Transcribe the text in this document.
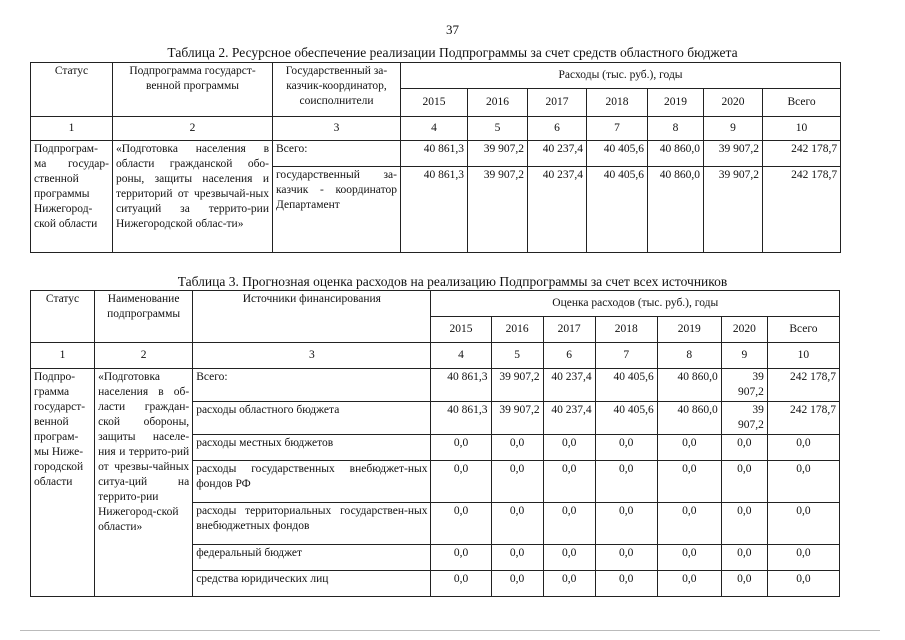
37
Таблица 2. Ресурсное обеспечение реализации Подпрограммы за счет средств областного бюджета
Статус	Подпрограмма государст-венной программы	Государственный за-казчик-координатор, соисполнители	Расходы (тыс. руб.), годы						
			2015	2016	2017	2018	2019	2020	Всего
1	2	3	4	5	6	7	8	9	10
Подпрограм-ма государ-ственной программы Нижегород-ской области	«Подготовка населения в области гражданской обо-роны, защиты населения и территорий от чрезвычай-ных ситуаций за террито-рии Нижегородской облас-ти»	Всего:	40 861,3	39 907,2	40 237,4	40 405,6	40 860,0	39 907,2	242 178,7
		государственный за-казчик - координатор Департамент	40 861,3	39 907,2	40 237,4	40 405,6	40 860,0	39 907,2	242 178,7
Таблица 3. Прогнозная оценка расходов на реализацию Подпрограммы за счет всех источников
Статус	Наименование подпрограммы	Источники финансирования	Оценка расходов (тыс. руб.), годы						
			2015	2016	2017	2018	2019	2020	Всего
1	2	3	4	5	6	7	8	9	10
Подпро-грамма государст-венной програм-мы Ниже-городской области	«Подготовка населения в об-ласти граждан-ской обороны, защиты населе-ния и террито-рий от чрезвы-чайных ситуа-ций на террито-рии Нижегород-ской области»	Всего:	40 861,3	39 907,2	40 237,4	40 405,6	40 860,0	39 907,2	242 178,7
		расходы областного бюджета	40 861,3	39 907,2	40 237,4	40 405,6	40 860,0	39 907,2	242 178,7
		расходы местных бюджетов	0,0	0,0	0,0	0,0	0,0	0,0	0,0
		расходы государственных внебюджет-ных фондов РФ	0,0	0,0	0,0	0,0	0,0	0,0	0,0
		расходы территориальных государствен-ных внебюджетных фондов	0,0	0,0	0,0	0,0	0,0	0,0	0,0
		федеральный бюджет	0,0	0,0	0,0	0,0	0,0	0,0	0,0
		средства юридических лиц	0,0	0,0	0,0	0,0	0,0	0,0	0,0
